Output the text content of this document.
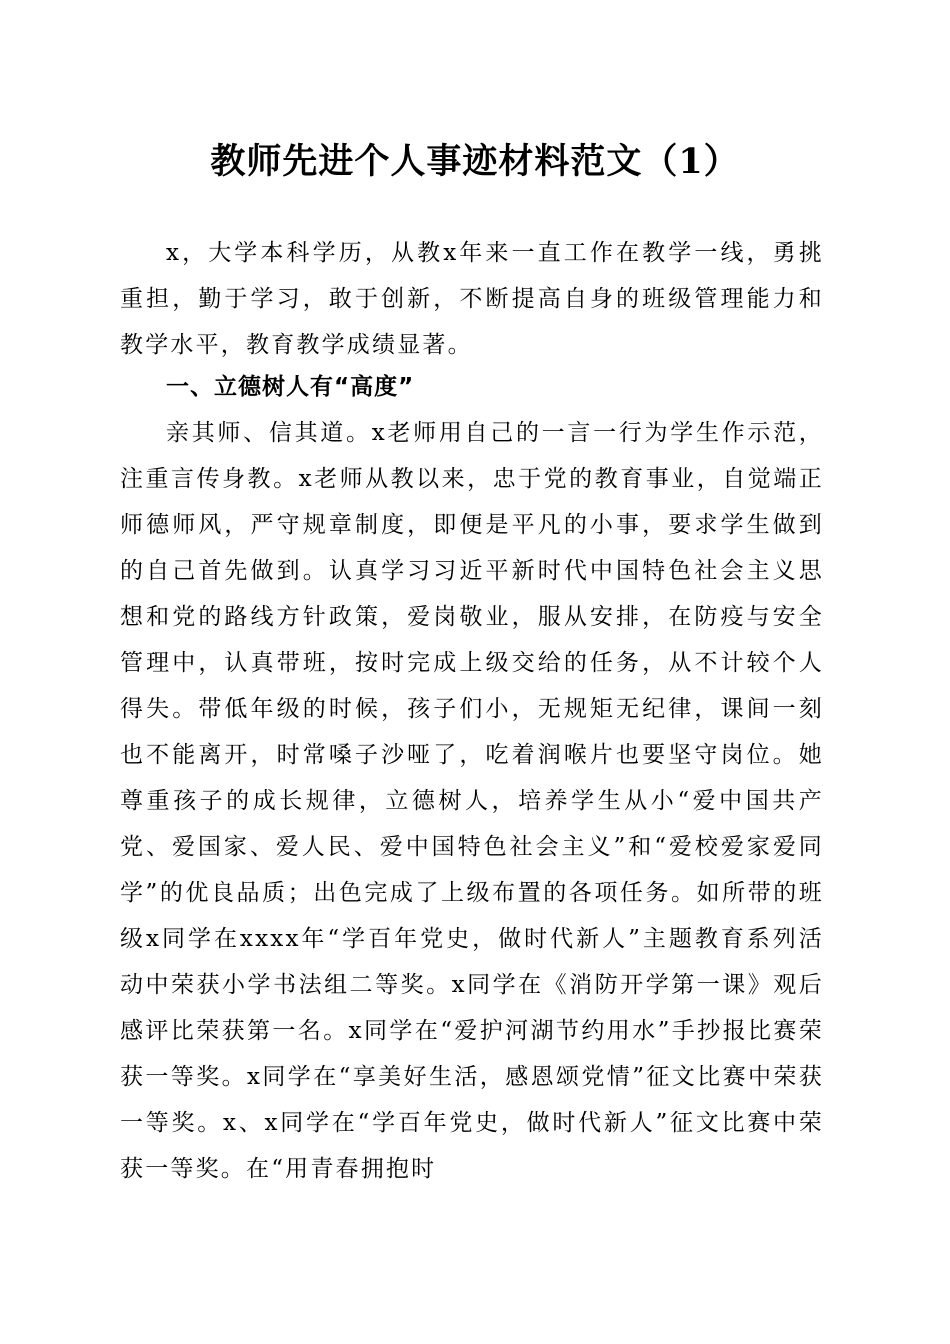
教师先进个人事迹材料范文（1）

x，大学本科学历，从教x年来一直工作在教学一线，勇挑重担，勤于学习，敢于创新，不断提高自身的班级管理能力和教学水平，教育教学成绩显著。

一、立德树人有“高度”

亲其师、信其道。x老师用自己的一言一行为学生作示范，注重言传身教。x老师从教以来，忠于党的教育事业，自觉端正师德师风，严守规章制度，即便是平凡的小事，要求学生做到的自己首先做到。认真学习习近平新时代中国特色社会主义思想和党的路线方针政策，爱岗敬业，服从安排，在防疫与安全管理中，认真带班，按时完成上级交给的任务，从不计较个人得失。带低年级的时候，孩子们小，无规矩无纪律，课间一刻也不能离开，时常嗓子沙哑了，吃着润喉片也要坚守岗位。她尊重孩子的成长规律，立德树人，培养学生从小“爱中国共产党、爱国家、爱人民、爱中国特色社会主义”和“爱校爱家爱同学”的优良品质；出色完成了上级布置的各项任务。如所带的班级x同学在xxxx年“学百年党史，做时代新人”主题教育系列活动中荣获小学书法组二等奖。x同学在《消防开学第一课》观后感评比荣获第一名。x同学在“爱护河湖节约用水”手抄报比赛荣获一等奖。x同学在“享美好生活，感恩颂党情”征文比赛中荣获一等奖。x、x同学在“学百年党史，做时代新人”征文比赛中荣获一等奖。在“用青春拥抱时
